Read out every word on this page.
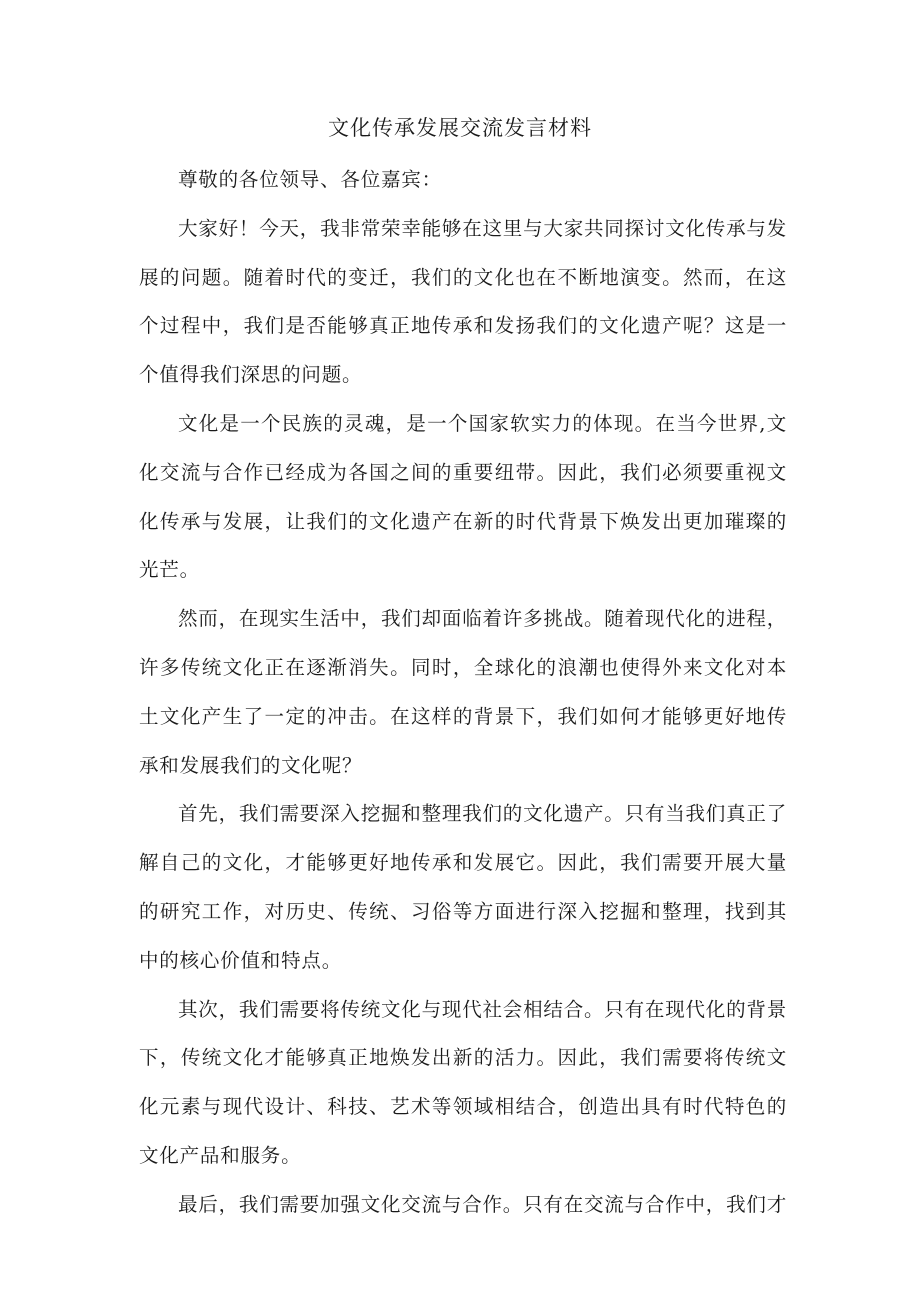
文化传承发展交流发言材料

尊敬的各位领导、各位嘉宾：

大家好！今天，我非常荣幸能够在这里与大家共同探讨文化传承与发展的问题。随着时代的变迁，我们的文化也在不断地演变。然而，在这个过程中，我们是否能够真正地传承和发扬我们的文化遗产呢？这是一个值得我们深思的问题。

文化是一个民族的灵魂，是一个国家软实力的体现。在当今世界,文化交流与合作已经成为各国之间的重要纽带。因此，我们必须要重视文化传承与发展，让我们的文化遗产在新的时代背景下焕发出更加璀璨的光芒。

然而，在现实生活中，我们却面临着许多挑战。随着现代化的进程，许多传统文化正在逐渐消失。同时，全球化的浪潮也使得外来文化对本土文化产生了一定的冲击。在这样的背景下，我们如何才能够更好地传承和发展我们的文化呢？

首先，我们需要深入挖掘和整理我们的文化遗产。只有当我们真正了解自己的文化，才能够更好地传承和发展它。因此，我们需要开展大量的研究工作，对历史、传统、习俗等方面进行深入挖掘和整理，找到其中的核心价值和特点。

其次，我们需要将传统文化与现代社会相结合。只有在现代化的背景下，传统文化才能够真正地焕发出新的活力。因此，我们需要将传统文化元素与现代设计、科技、艺术等领域相结合，创造出具有时代特色的文化产品和服务。

最后，我们需要加强文化交流与合作。只有在交流与合作中，我们才
